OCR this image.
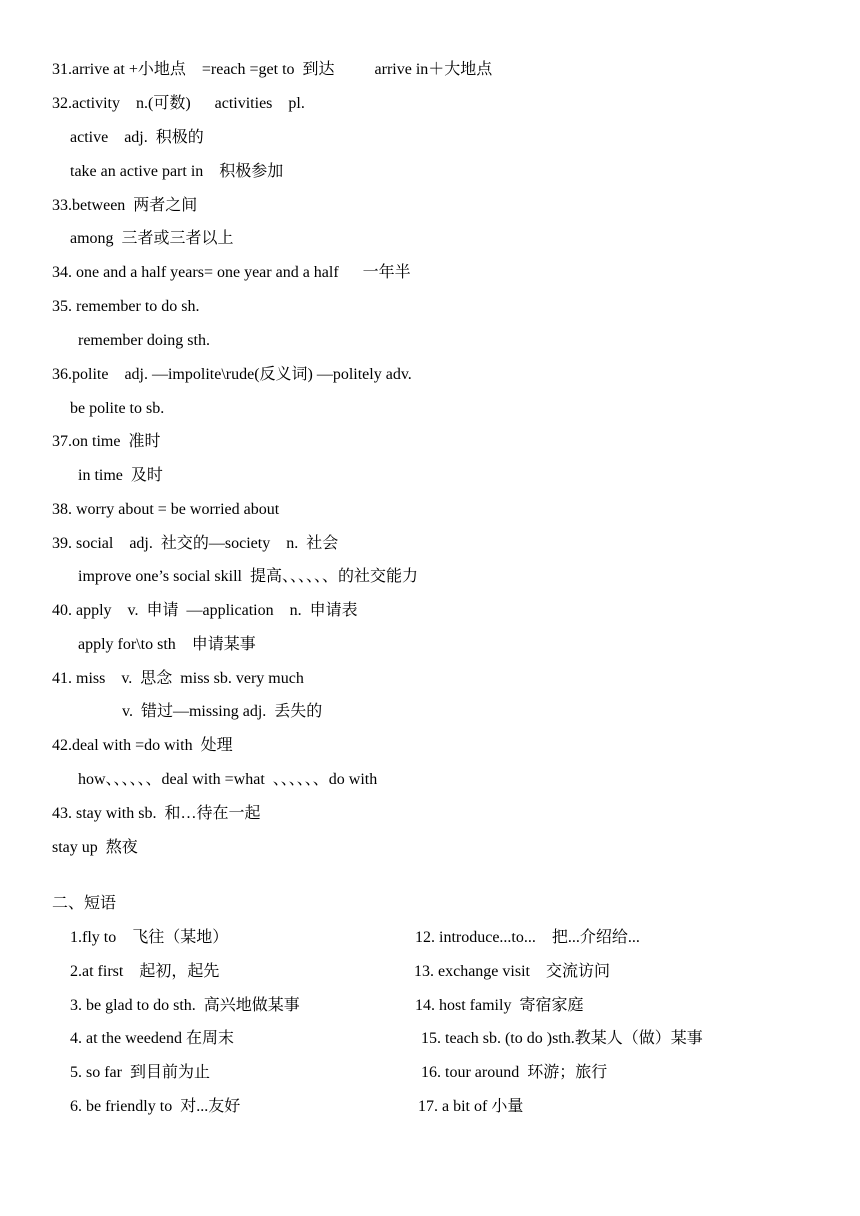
31.arrive at +小地点    =reach =get to  到达          arrive in＋大地点
32.activity    n.(可数)      activities    pl.
active    adj.  积极的
take an active part in    积极参加
33.between  两者之间
among  三者或三者以上
34. one and a half years= one year and a half      一年半
35. remember to do sh.
remember doing sth.
36.polite    adj. —impolite\rude(反义词) —politely adv.
be polite to sb.
37.on time  准时
in time  及时
38. worry about = be worried about
39. social    adj.  社交的—society    n.  社会
improve one’s social skill  提高、、、、、、的社交能力
40. apply    v.  申请  —application    n.  申请表
apply for\to sth    申请某事
41. miss    v.  思念  miss sb. very much
v.  错过—missing adj.  丢失的
42.deal with =do with  处理
how、、、、、、deal with =what  、、、、、、do with
43. stay with sb.  和…待在一起
stay up  熬夜
二、短语
1.fly to    飞往（某地）
2.at first    起初，起先
3. be glad to do sth.  高兴地做某事
4. at the weedend 在周末
5. so far  到目前为止
6. be friendly to  对...友好
12. introduce...to...    把...介绍给...
13. exchange visit    交流访问
14. host family  寄宿家庭
15. teach sb. (to do )sth.教某人（做）某事
16. tour around  环游；旅行
17. a bit of 小量
